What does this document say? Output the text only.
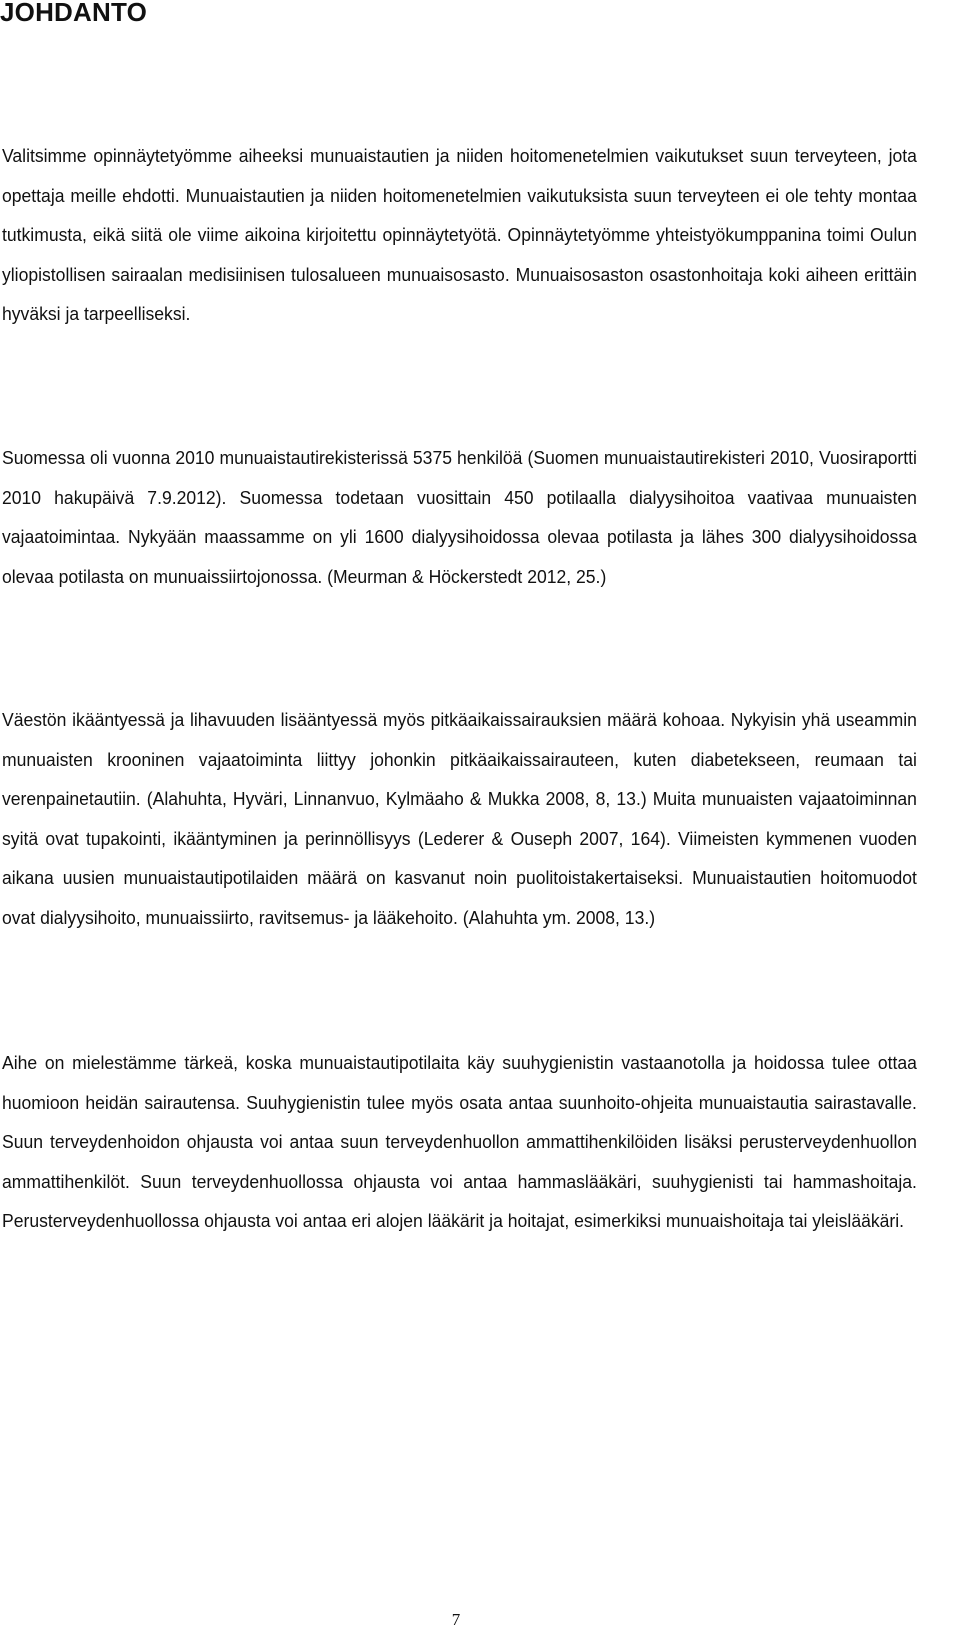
JOHDANTO

Valitsimme opinnäytetyömme aiheeksi munuaistautien ja niiden hoitomenetelmien vaikutukset suun terveyteen, jota opettaja meille ehdotti. Munuaistautien ja niiden hoitomenetelmien vaikutuksista suun terveyteen ei ole tehty montaa tutkimusta, eikä siitä ole viime aikoina kirjoitettu opinnäytetyötä. Opinnäytetyömme yhteistyökumppanina toimi Oulun yliopistollisen sairaalan medisiinisen tulosalueen munuaisosasto. Munuaisosaston osastonhoitaja koki aiheen erittäin hyväksi ja tarpeelliseksi.

Suomessa oli vuonna 2010 munuaistautirekisterissä 5375 henkilöä (Suomen munuaistautirekisteri 2010, Vuosiraportti 2010 hakupäivä 7.9.2012). Suomessa todetaan vuosittain 450 potilaalla dialyysihoitoa vaativaa munuaisten vajaatoimintaa. Nykyään maassamme on yli 1600 dialyysihoidossa olevaa potilasta ja lähes 300 dialyysihoidossa olevaa potilasta on munuaissiirtojonossa. (Meurman & Höckerstedt 2012, 25.)

Väestön ikääntyessä ja lihavuuden lisääntyessä myös pitkäaikaissairauksien määrä kohoaa. Nykyisin yhä useammin munuaisten krooninen vajaatoiminta liittyy johonkin pitkäaikaissairauteen, kuten diabetekseen, reumaan tai verenpainetautiin. (Alahuhta, Hyväri, Linnanvuo, Kylmäaho & Mukka 2008, 8, 13.) Muita munuaisten vajaatoiminnan syitä ovat tupakointi, ikääntyminen ja perinnöllisyys (Lederer & Ouseph 2007, 164). Viimeisten kymmenen vuoden aikana uusien munuaistautipotilaiden määrä on kasvanut noin puolitoistakertaiseksi. Munuaistautien hoitomuodot ovat dialyysihoito, munuaissiirto, ravitsemus- ja lääkehoito. (Alahuhta ym. 2008, 13.)

Aihe on mielestämme tärkeä, koska munuaistautipotilaita käy suuhygienistin vastaanotolla ja hoidossa tulee ottaa huomioon heidän sairautensa. Suuhygienistin tulee myös osata antaa suunhoito-ohjeita munuaistautia sairastavalle. Suun terveydenhoidon ohjausta voi antaa suun terveydenhuollon ammattihenkilöiden lisäksi perusterveydenhuollon ammattihenkilöt. Suun terveydenhuollossa ohjausta voi antaa hammaslääkäri, suuhygienisti tai hammashoitaja. Perusterveydenhuollossa ohjausta voi antaa eri alojen lääkärit ja hoitajat, esimerkiksi munuaishoitaja tai yleislääkäri.

7
